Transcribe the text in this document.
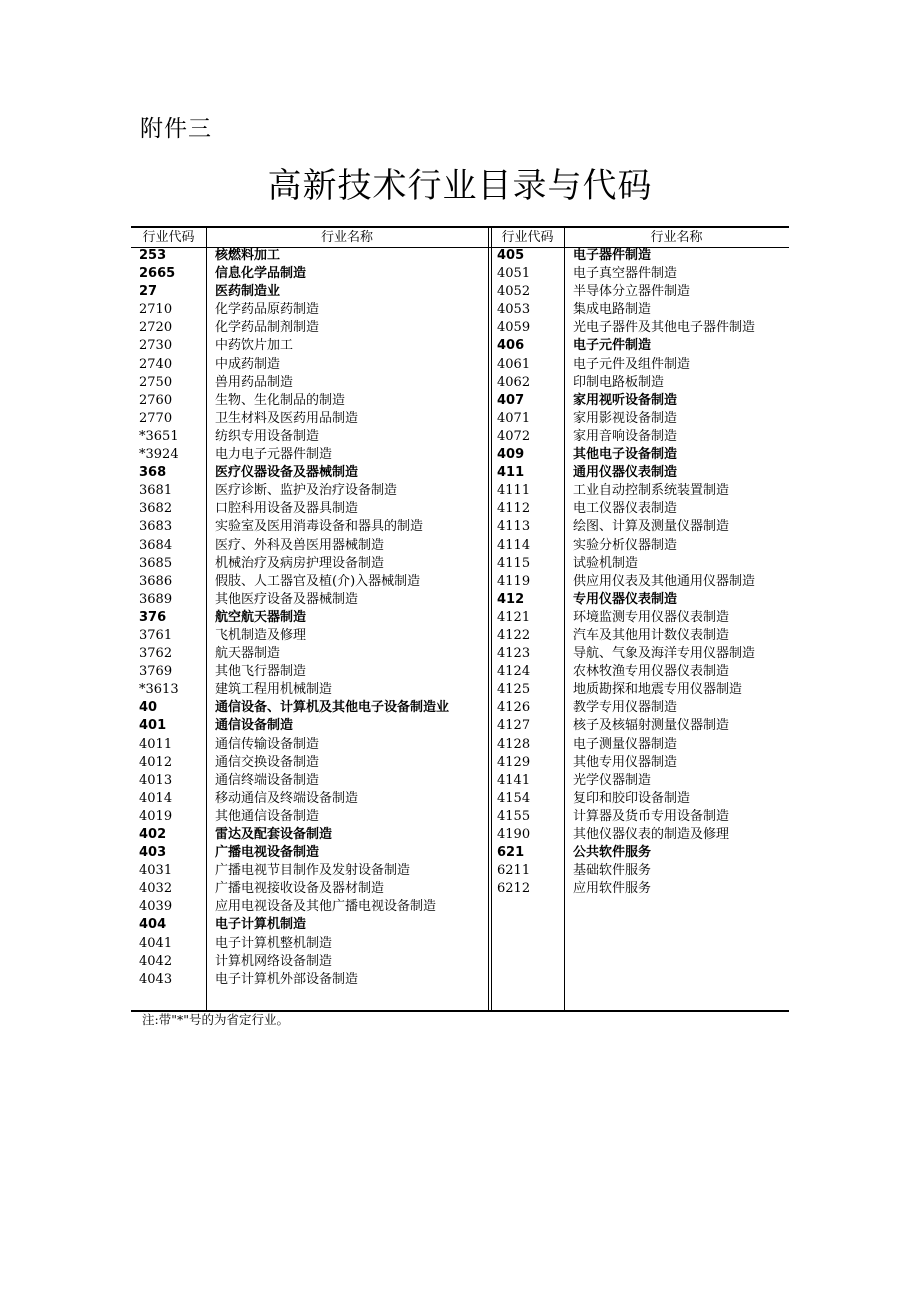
附件三
高新技术行业目录与代码
行业代码	行业名称
253	核燃料加工
2665	信息化学品制造
27	医药制造业
2710	化学药品原药制造
2720	化学药品制剂制造
2730	中药饮片加工
2740	中成药制造
2750	兽用药品制造
2760	生物、生化制品的制造
2770	卫生材料及医药用品制造
*3651	纺织专用设备制造
*3924	电力电子元器件制造
368	医疗仪器设备及器械制造
3681	医疗诊断、监护及治疗设备制造
3682	口腔科用设备及器具制造
3683	实验室及医用消毒设备和器具的制造
3684	医疗、外科及兽医用器械制造
3685	机械治疗及病房护理设备制造
3686	假肢、人工器官及植(介)入器械制造
3689	其他医疗设备及器械制造
376	航空航天器制造
3761	飞机制造及修理
3762	航天器制造
3769	其他飞行器制造
*3613	建筑工程用机械制造
40	通信设备、计算机及其他电子设备制造业
401	通信设备制造
4011	通信传输设备制造
4012	通信交换设备制造
4013	通信终端设备制造
4014	移动通信及终端设备制造
4019	其他通信设备制造
402	雷达及配套设备制造
403	广播电视设备制造
4031	广播电视节目制作及发射设备制造
4032	广播电视接收设备及器材制造
4039	应用电视设备及其他广播电视设备制造
404	电子计算机制造
4041	电子计算机整机制造
4042	计算机网络设备制造
4043	电子计算机外部设备制造
行业代码	行业名称
405	电子器件制造
4051	电子真空器件制造
4052	半导体分立器件制造
4053	集成电路制造
4059	光电子器件及其他电子器件制造
406	电子元件制造
4061	电子元件及组件制造
4062	印制电路板制造
407	家用视听设备制造
4071	家用影视设备制造
4072	家用音响设备制造
409	其他电子设备制造
411	通用仪器仪表制造
4111	工业自动控制系统装置制造
4112	电工仪器仪表制造
4113	绘图、计算及测量仪器制造
4114	实验分析仪器制造
4115	试验机制造
4119	供应用仪表及其他通用仪器制造
412	专用仪器仪表制造
4121	环境监测专用仪器仪表制造
4122	汽车及其他用计数仪表制造
4123	导航、气象及海洋专用仪器制造
4124	农林牧渔专用仪器仪表制造
4125	地质勘探和地震专用仪器制造
4126	教学专用仪器制造
4127	核子及核辐射测量仪器制造
4128	电子测量仪器制造
4129	其他专用仪器制造
4141	光学仪器制造
4154	复印和胶印设备制造
4155	计算器及货币专用设备制造
4190	其他仪器仪表的制造及修理
621	公共软件服务
6211	基础软件服务
6212	应用软件服务
注:带"*"号的为省定行业。
